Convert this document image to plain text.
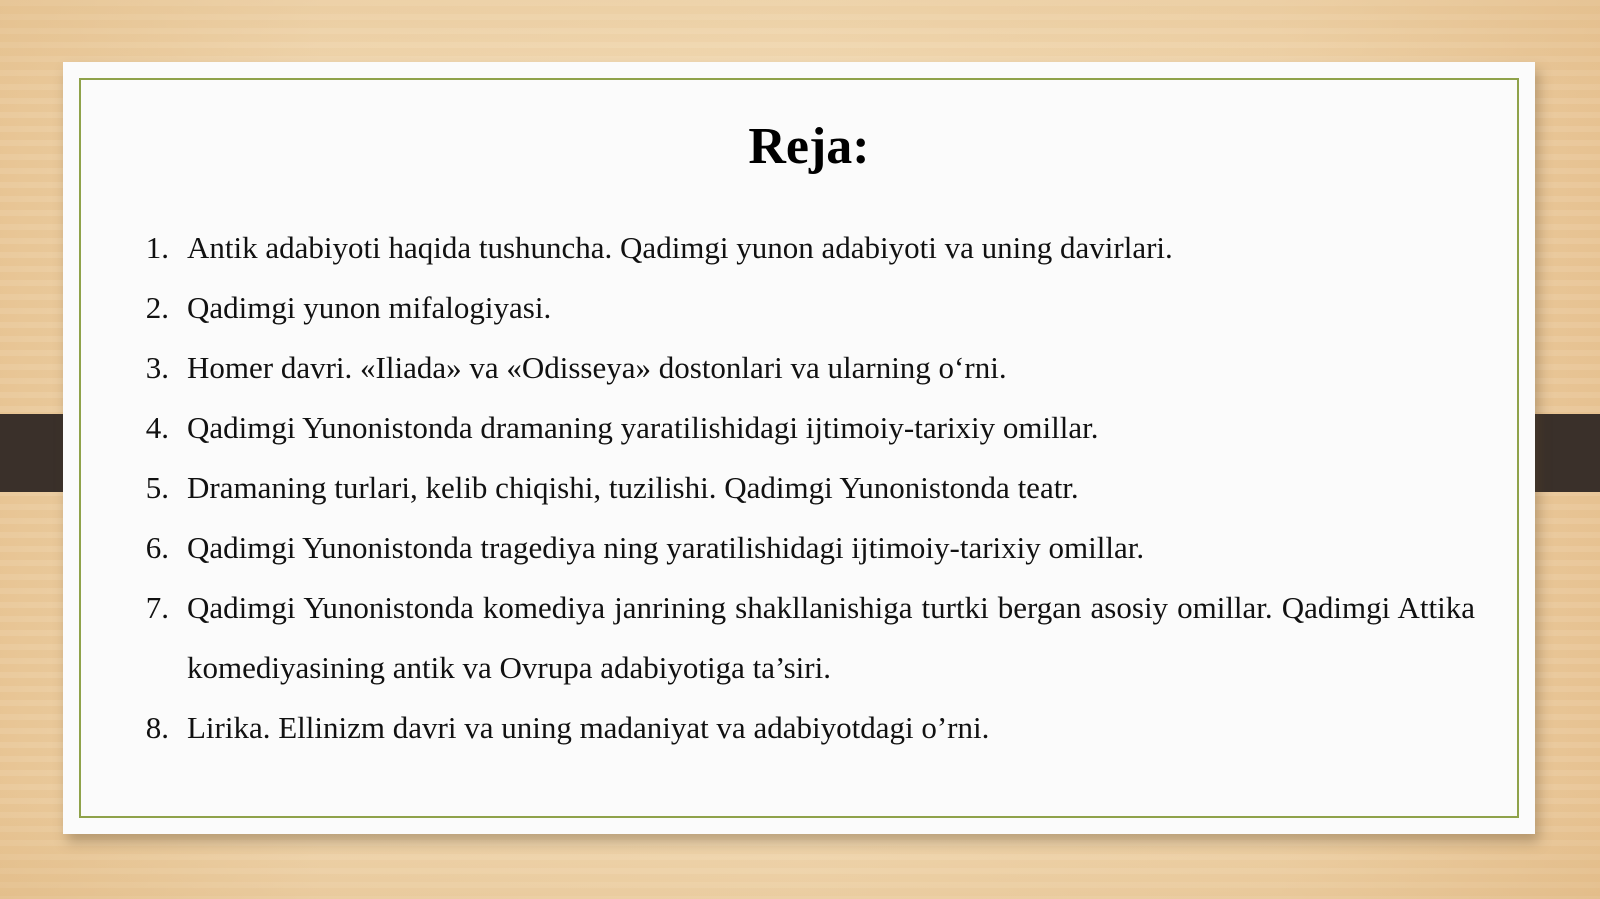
Reja:
1. Antik adabiyoti haqida tushuncha. Qadimgi yunon adabiyoti va uning davirlari.
2. Qadimgi yunon mifalogiyasi.
3. Homer davri. «Iliada» va «Odisseya» dostonlari va ularning o‘rni.
4. Qadimgi Yunonistonda dramaning yaratilishidagi ijtimoiy-tarixiy omillar.
5. Dramaning turlari, kelib chiqishi, tuzilishi. Qadimgi Yunonistonda teatr.
6. Qadimgi Yunonistonda tragediya ning yaratilishidagi ijtimoiy-tarixiy omillar.
7. Qadimgi Yunonistonda komediya janrining shakllanishiga turtki bergan asosiy omillar. Qadimgi Attika komediyasining antik va Ovrupa adabiyotiga ta’siri.
8. Lirika. Ellinizm davri va uning madaniyat va adabiyotdagi o’rni.
